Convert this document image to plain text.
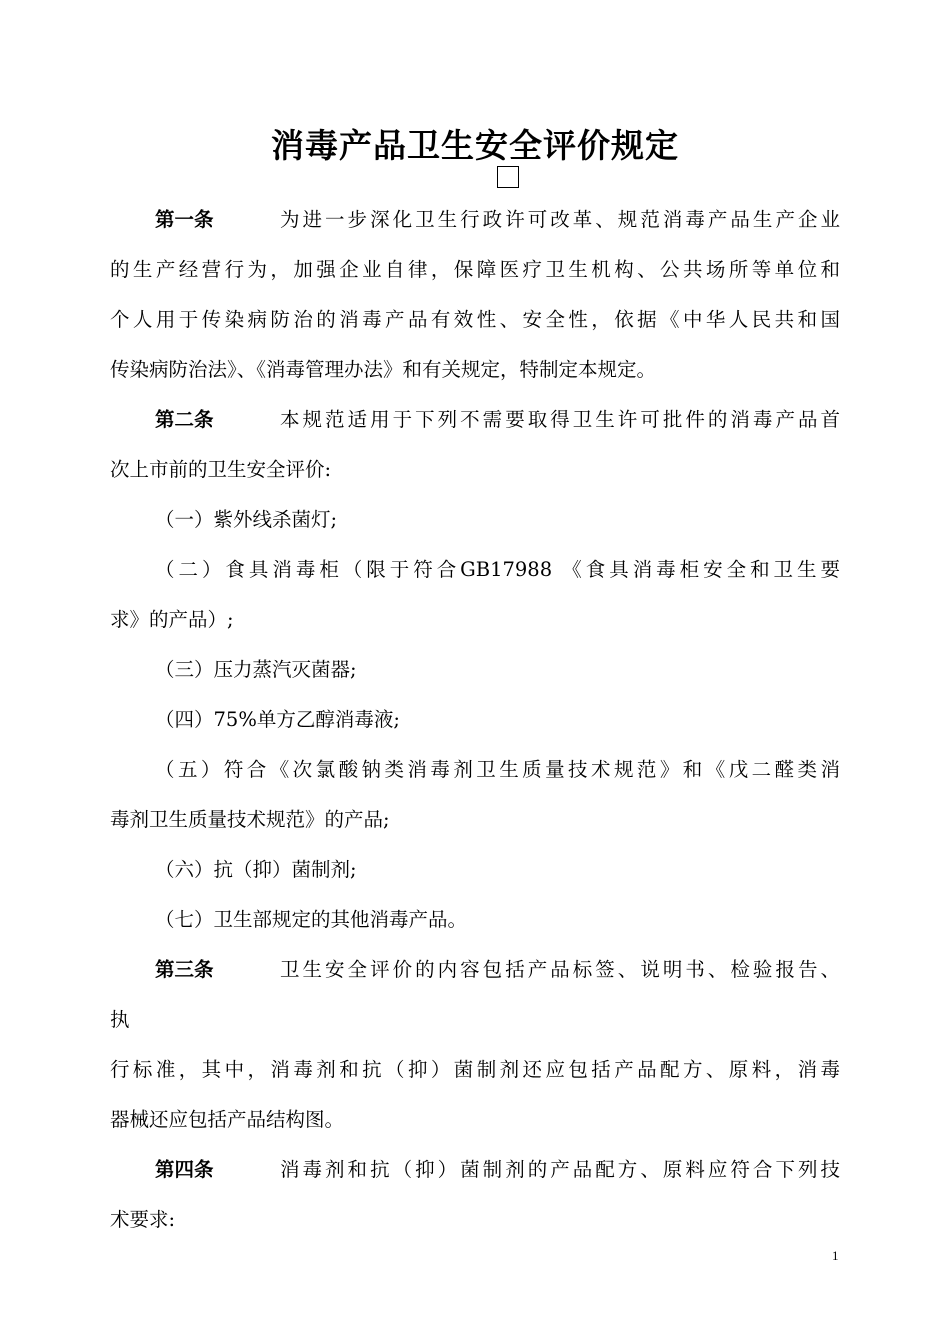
消毒产品卫生安全评价规定
第一条	为进一步深化卫生行政许可改革、规范消毒产品生产企业
的生产经营行为，加强企业自律，保障医疗卫生机构、公共场所等单位和
个人用于传染病防治的消毒产品有效性、安全性，依据《中华人民共和国
传染病防治法》、《消毒管理办法》和有关规定，特制定本规定。
第二条	本规范适用于下列不需要取得卫生许可批件的消毒产品首
次上市前的卫生安全评价:
（一）紫外线杀菌灯;
（二）食具消毒柜（限于符合GB17988 《食具消毒柜安全和卫生要
求》的产品）;
（三）压力蒸汽灭菌器;
（四）75%单方乙醇消毒液;
（五）符合《次氯酸钠类消毒剂卫生质量技术规范》和《戊二醛类消
毒剂卫生质量技术规范》的产品;
（六）抗（抑）菌制剂;
（七）卫生部规定的其他消毒产品。
第三条	卫生安全评价的内容包括产品标签、说明书、检验报告、
执
行标准，其中，消毒剂和抗（抑）菌制剂还应包括产品配方、原料，消毒
器械还应包括产品结构图。
第四条	消毒剂和抗（抑）菌制剂的产品配方、原料应符合下列技
术要求:
1
